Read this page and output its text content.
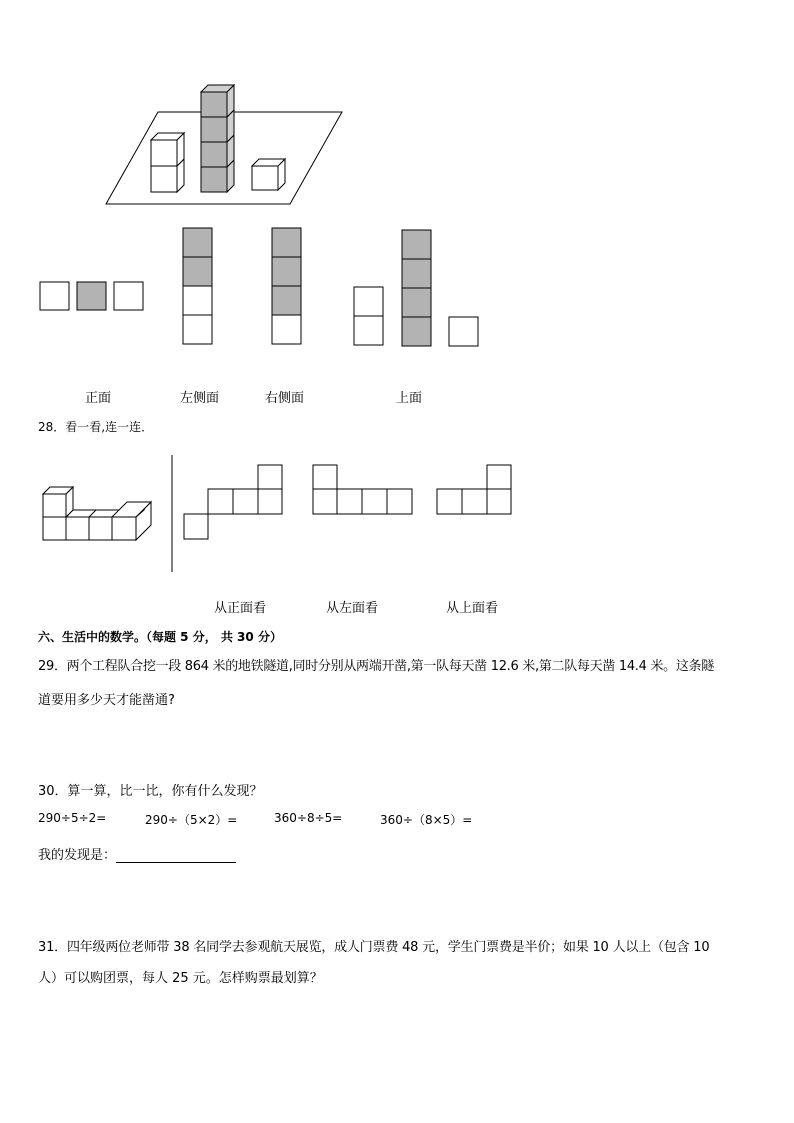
正面	左侧面	右侧面	上面
28．看一看,连一连．
从正面看	从左面看	从上面看
六、生活中的数学。（每题 5 分， 共 30 分）
29．两个工程队合挖一段 864 米的地铁隧道,同时分别从两端开凿,第一队每天凿 12.6 米,第二队每天凿 14.4 米。这条隧
道要用多少天才能凿通?
30．算一算，比一比，你有什么发现？
290÷5÷2=	290÷（5×2）=	360÷8÷5=	360÷（8×5）=
我的发现是：
31．四年级两位老师带 38 名同学去参观航天展览，成人门票费 48 元，学生门票费是半价；如果 10 人以上（包含 10
人）可以购团票，每人 25 元。怎样购票最划算？
